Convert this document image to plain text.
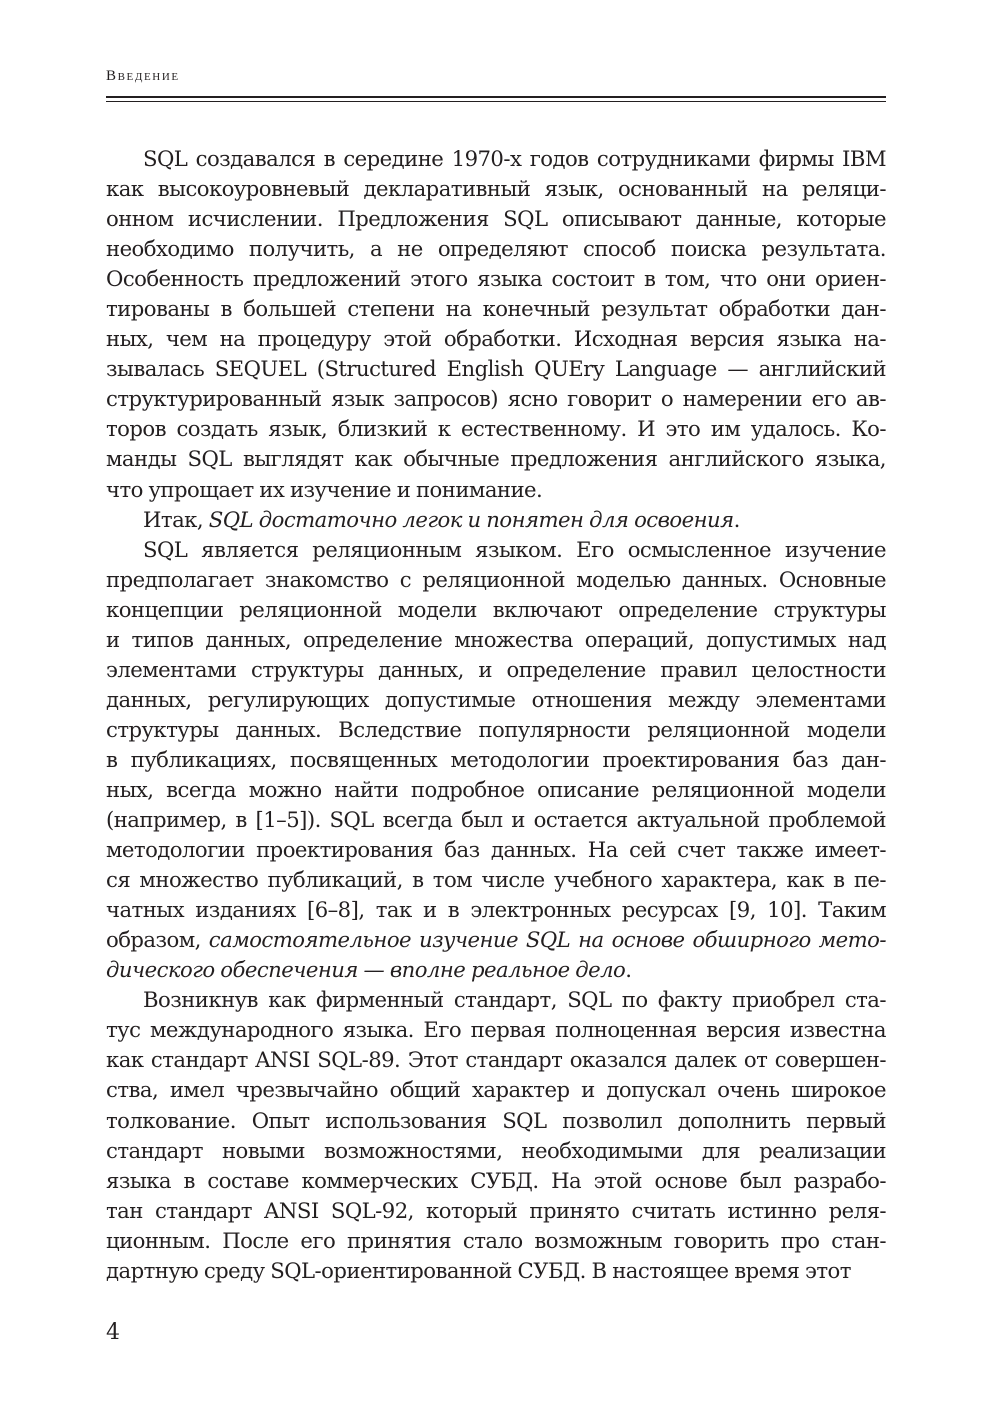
Введение
SQL создавался в середине 1970-х годов сотрудниками фирмы IBM
как высокоуровневый декларативный язык, основанный на реляци-
онном исчислении. Предложения SQL описывают данные, которые
необходимо получить, а не определяют способ поиска результата.
Особенность предложений этого языка состоит в том, что они ориен-
тированы в большей степени на конечный результат обработки дан-
ных, чем на процедуру этой обработки. Исходная версия языка на-
зывалась SEQUEL (Structured English QUEry Language — английский
структурированный язык запросов) ясно говорит о намерении его ав-
торов создать язык, близкий к естественному. И это им удалось. Ко-
манды SQL выглядят как обычные предложения английского языка,
что упрощает их изучение и понимание.
Итак, SQL достаточно легок и понятен для освоения.
SQL является реляционным языком. Его осмысленное изучение
предполагает знакомство с реляционной моделью данных. Основные
концепции реляционной модели включают определение структуры
и типов данных, определение множества операций, допустимых над
элементами структуры данных, и определение правил целостности
данных, регулирующих допустимые отношения между элементами
структуры данных. Вследствие популярности реляционной модели
в публикациях, посвященных методологии проектирования баз дан-
ных, всегда можно найти подробное описание реляционной модели
(например, в [1–5]). SQL всегда был и остается актуальной проблемой
методологии проектирования баз данных. На сей счет также имеет-
ся множество публикаций, в том числе учебного характера, как в пе-
чатных изданиях [6–8], так и в электронных ресурсах [9, 10]. Таким
образом, самостоятельное изучение SQL на основе обширного мето-
дического обеспечения — вполне реальное дело.
Возникнув как фирменный стандарт, SQL по факту приобрел ста-
тус международного языка. Его первая полноценная версия известна
как стандарт ANSI SQL-89. Этот стандарт оказался далек от совершен-
ства, имел чрезвычайно общий характер и допускал очень широкое
толкование. Опыт использования SQL позволил дополнить первый
стандарт новыми возможностями, необходимыми для реализации
языка в составе коммерческих СУБД. На этой основе был разрабо-
тан стандарт ANSI SQL-92, который принято считать истинно реля-
ционным. После его принятия стало возможным говорить про стан-
дартную среду SQL-ориентированной СУБД. В настоящее время этот
4
